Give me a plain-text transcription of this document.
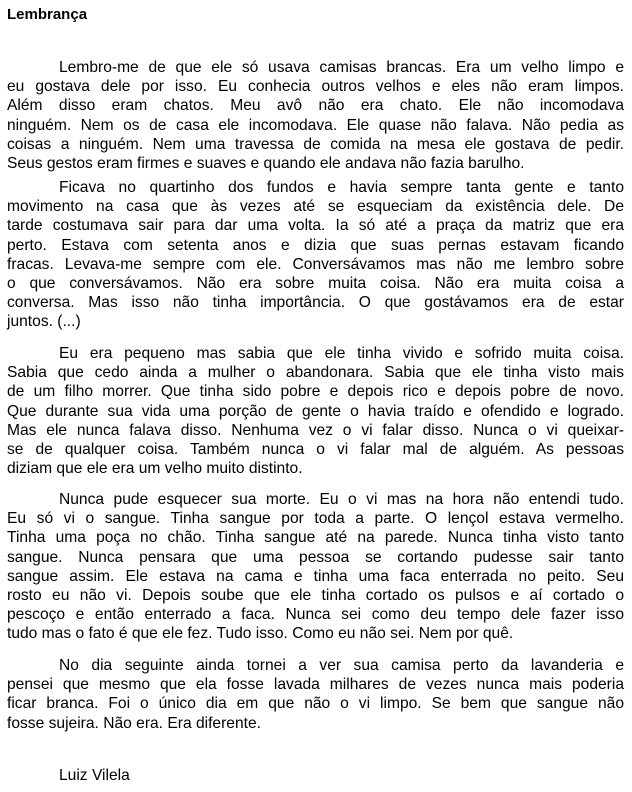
Lembrança

Lembro-me de que ele só usava camisas brancas. Era um velho limpo e
eu gostava dele por isso. Eu conhecia outros velhos e eles não eram limpos.
Além disso eram chatos. Meu avô não era chato. Ele não incomodava
ninguém. Nem os de casa ele incomodava. Ele quase não falava. Não pedia as
coisas a ninguém. Nem uma travessa de comida na mesa ele gostava de pedir.
Seus gestos eram firmes e suaves e quando ele andava não fazia barulho.

Ficava no quartinho dos fundos e havia sempre tanta gente e tanto
movimento na casa que às vezes até se esqueciam da existência dele. De
tarde costumava sair para dar uma volta. Ia só até a praça da matriz que era
perto. Estava com setenta anos e dizia que suas pernas estavam ficando
fracas. Levava-me sempre com ele. Conversávamos mas não me lembro sobre
o que conversávamos. Não era sobre muita coisa. Não era muita coisa a
conversa. Mas isso não tinha importância. O que gostávamos era de estar
juntos. (...)

Eu era pequeno mas sabia que ele tinha vivido e sofrido muita coisa.
Sabia que cedo ainda a mulher o abandonara. Sabia que ele tinha visto mais
de um filho morrer. Que tinha sido pobre e depois rico e depois pobre de novo.
Que durante sua vida uma porção de gente o havia traído e ofendido e logrado.
Mas ele nunca falava disso. Nenhuma vez o vi falar disso. Nunca o vi queixar-
se de qualquer coisa. Também nunca o vi falar mal de alguém. As pessoas
diziam que ele era um velho muito distinto.

Nunca pude esquecer sua morte. Eu o vi mas na hora não entendi tudo.
Eu só vi o sangue. Tinha sangue por toda a parte. O lençol estava vermelho.
Tinha uma poça no chão. Tinha sangue até na parede. Nunca tinha visto tanto
sangue. Nunca pensara que uma pessoa se cortando pudesse sair tanto
sangue assim. Ele estava na cama e tinha uma faca enterrada no peito. Seu
rosto eu não vi. Depois soube que ele tinha cortado os pulsos e aí cortado o
pescoço e então enterrado a faca. Nunca sei como deu tempo dele fazer isso
tudo mas o fato é que ele fez. Tudo isso. Como eu não sei. Nem por quê.

No dia seguinte ainda tornei a ver sua camisa perto da lavanderia e
pensei que mesmo que ela fosse lavada milhares de vezes nunca mais poderia
ficar branca. Foi o único dia em que não o vi limpo. Se bem que sangue não
fosse sujeira. Não era. Era diferente.

Luiz Vilela
